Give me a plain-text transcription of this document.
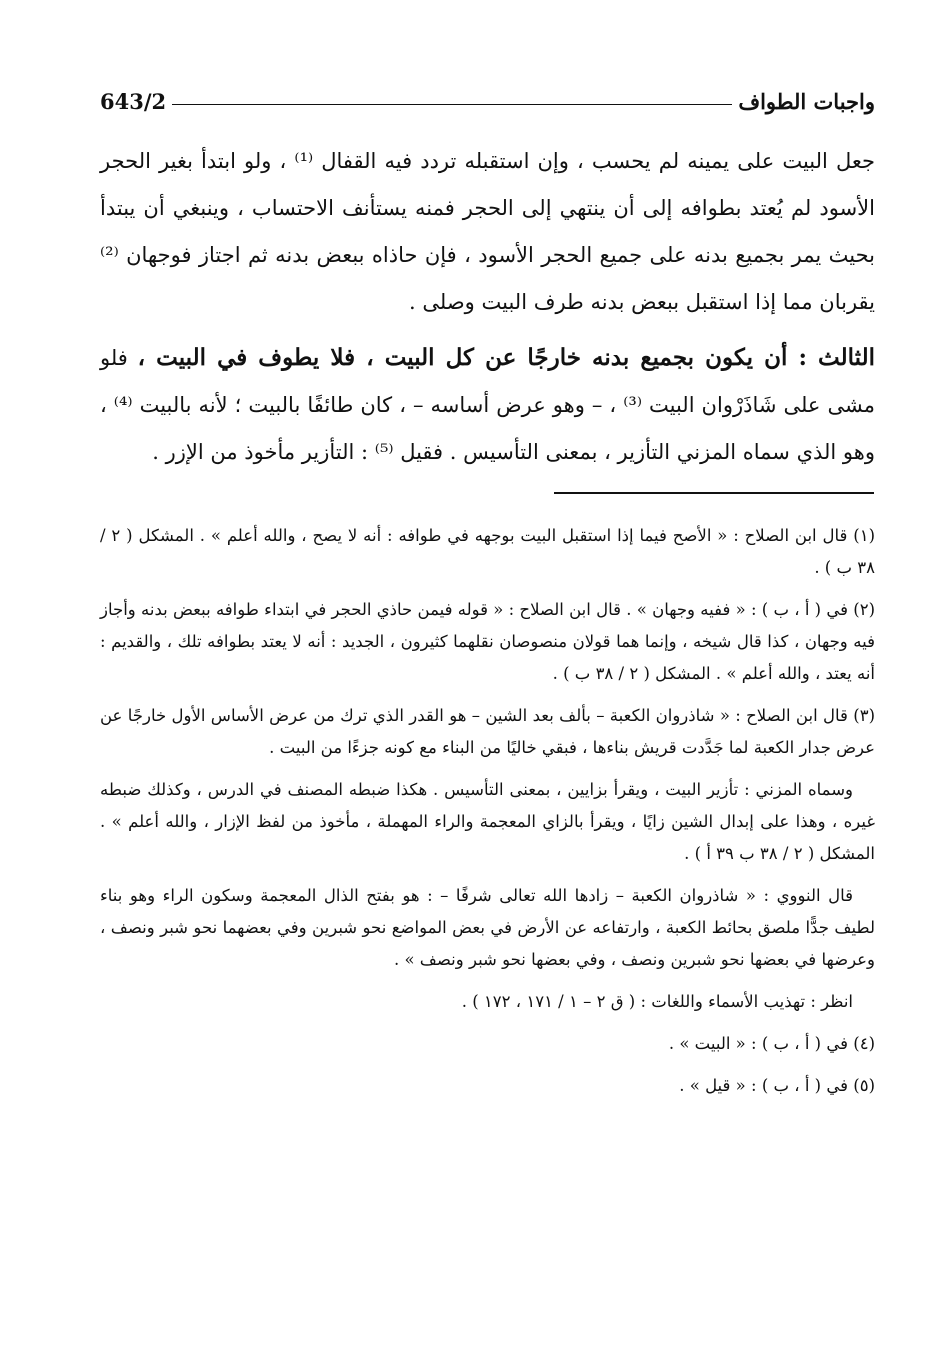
واجبات الطواف
643/2

جعل البيت على يمينه لم يحسب ، وإن استقبله تردد فيه القفال ⁽¹⁾ ، ولو ابتدأ بغير الحجر الأسود لم يُعتد بطوافه إلى أن ينتهي إلى الحجر فمنه يستأنف الاحتساب ، وينبغي أن يبتدأ بحيث يمر بجميع بدنه على جميع الحجر الأسود ، فإن حاذاه ببعض بدنه ثم اجتاز فوجهان ⁽²⁾ يقربان مما إذا استقبل ببعض بدنه طرف البيت وصلى .

الثالث : أن يكون بجميع بدنه خارجًا عن كل البيت ، فلا يطوف في البيت ، فلو مشى على شَاذَرْوان البيت ⁽³⁾ ، – وهو عرض أساسه – ، كان طائفًا بالبيت ؛ لأنه بالبيت ⁽⁴⁾ ، وهو الذي سماه المزني التأزير ، بمعنى التأسيس . فقيل ⁽⁵⁾ : التأزير مأخوذ من الإزر .

(١) قال ابن الصلاح : « الأصح فيما إذا استقبل البيت بوجهه في طوافه : أنه لا يصح ، والله أعلم » . المشكل ( ٢ / ٣٨ ب ) .

(٢) في ( أ ، ب ) : « ففيه وجهان » . قال ابن الصلاح : « قوله فيمن حاذي الحجر في ابتداء طوافه ببعض بدنه وأجاز فيه وجهان ، كذا قال شيخه ، وإنما هما قولان منصوصان نقلهما كثيرون ، الجديد : أنه لا يعتد بطوافه تلك ، والقديم : أنه يعتد ، والله أعلم » . المشكل ( ٢ / ٣٨ ب ) .

(٣) قال ابن الصلاح : « شاذروان الكعبة – بألف بعد الشين – هو القدر الذي ترك من عرض الأساس الأول خارجًا عن عرض جدار الكعبة لما جَدَّدت قريش بناءها ، فبقي خاليًا من البناء مع كونه جزءًا من البيت .

وسماه المزني : تأزير البيت ، ويقرأ بزايين ، بمعنى التأسيس . هكذا ضبطه المصنف في الدرس ، وكذلك ضبطه غيره ، وهذا على إبدال الشين زايًا ، ويقرأ بالزاي المعجمة والراء المهملة ، مأخوذ من لفظ الإزار ، والله أعلم » . المشكل ( ٢ / ٣٨ ب ٣٩ أ ) .

قال النووي : « شاذروان الكعبة – زادها الله تعالى شرفًا – : هو بفتح الذال المعجمة وسكون الراء وهو بناء لطيف جدًّا ملصق بحائط الكعبة ، وارتفاعه عن الأرض في بعض المواضع نحو شبرين وفي بعضهما نحو شبر ونصف ، وعرضها في بعضها نحو شبرين ونصف ، وفي بعضها نحو شبر ونصف » .

انظر : تهذيب الأسماء واللغات : ( ق ٢ – ١ / ١٧١ ، ١٧٢ ) .

(٤) في ( أ ، ب ) : « البيت » .

(٥) في ( أ ، ب ) : « قيل » .
